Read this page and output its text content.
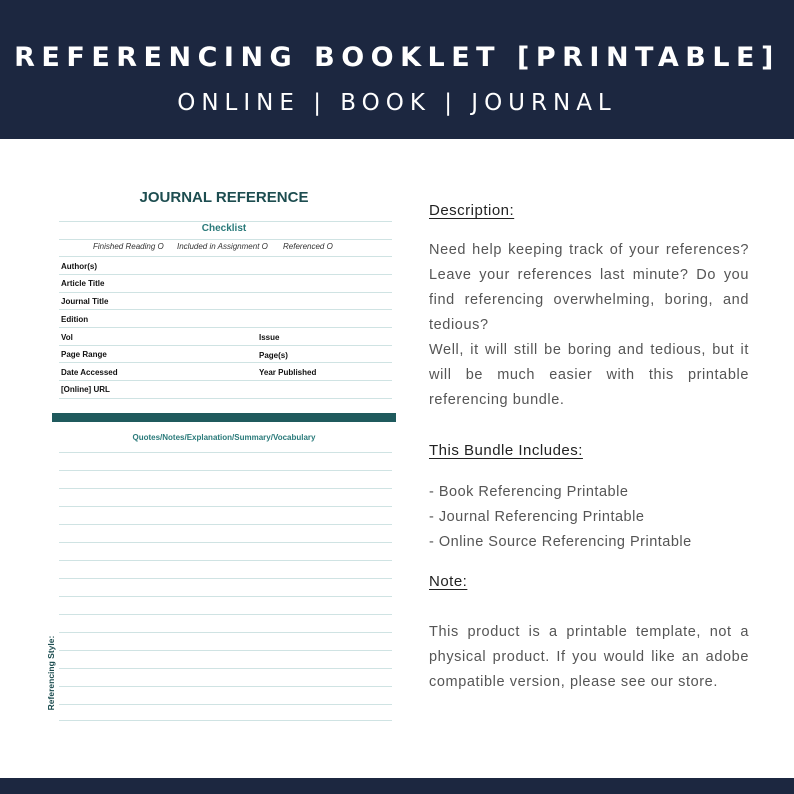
REFERENCING BOOKLET [PRINTABLE]
ONLINE | BOOK | JOURNAL
JOURNAL REFERENCE
Checklist
Finished Reading O Included in Assignment O Referenced O
Author(s)
Article Title
Journal Title
Edition
Vol	Issue
Page Range	Page(s)
Date Accessed	Year Published
[Online] URL
Quotes/Notes/Explanation/Summary/Vocabulary
Referencing Style:
Description:
Need help keeping track of your references? Leave your references last minute? Do you find referencing overwhelming, boring, and tedious?
Well, it will still be boring and tedious, but it will be much easier with this printable referencing bundle.
This Bundle Includes:
- Book Referencing Printable
- Journal Referencing Printable
- Online Source Referencing Printable
Note:
This product is a printable template, not a physical product. If you would like an adobe compatible version, please see our store.
